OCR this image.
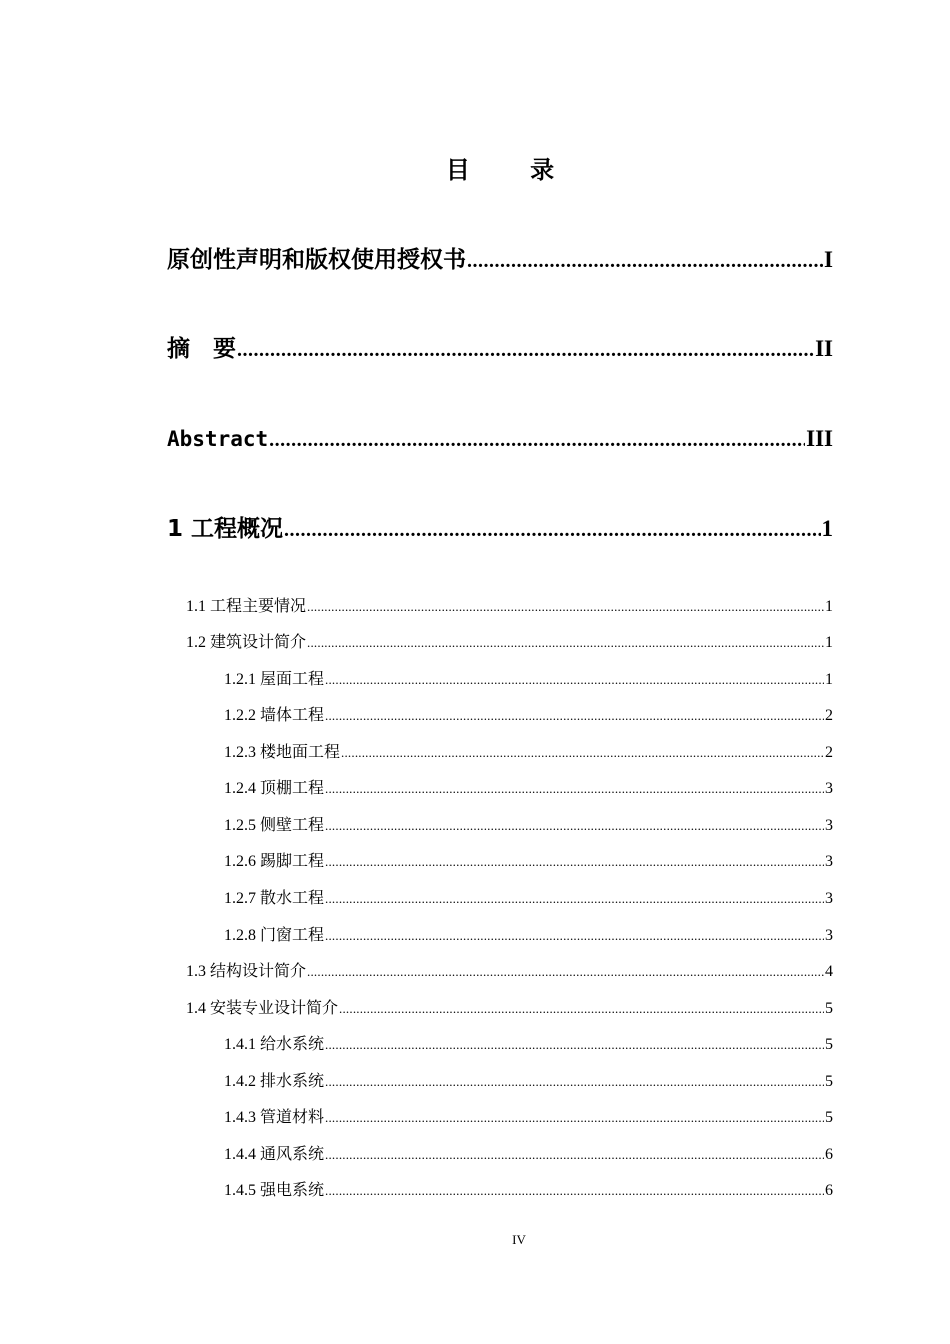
目 录
原创性声明和版权使用授权书 .....	I
摘　要 .....	II
Abstract .....	III
1 工程概况 .....	1
1.1 工程主要情况 .....	1
1.2 建筑设计简介 .....	1
1.2.1 屋面工程 .....	1
1.2.2 墙体工程 .....	2
1.2.3 楼地面工程 .....	2
1.2.4 顶棚工程 .....	3
1.2.5 侧壁工程 .....	3
1.2.6 踢脚工程 .....	3
1.2.7 散水工程 .....	3
1.2.8 门窗工程 .....	3
1.3 结构设计简介 .....	4
1.4 安装专业设计简介 .....	5
1.4.1 给水系统 .....	5
1.4.2 排水系统 .....	5
1.4.3 管道材料 .....	5
1.4.4 通风系统 .....	6
1.4.5 强电系统 .....	6
IV
